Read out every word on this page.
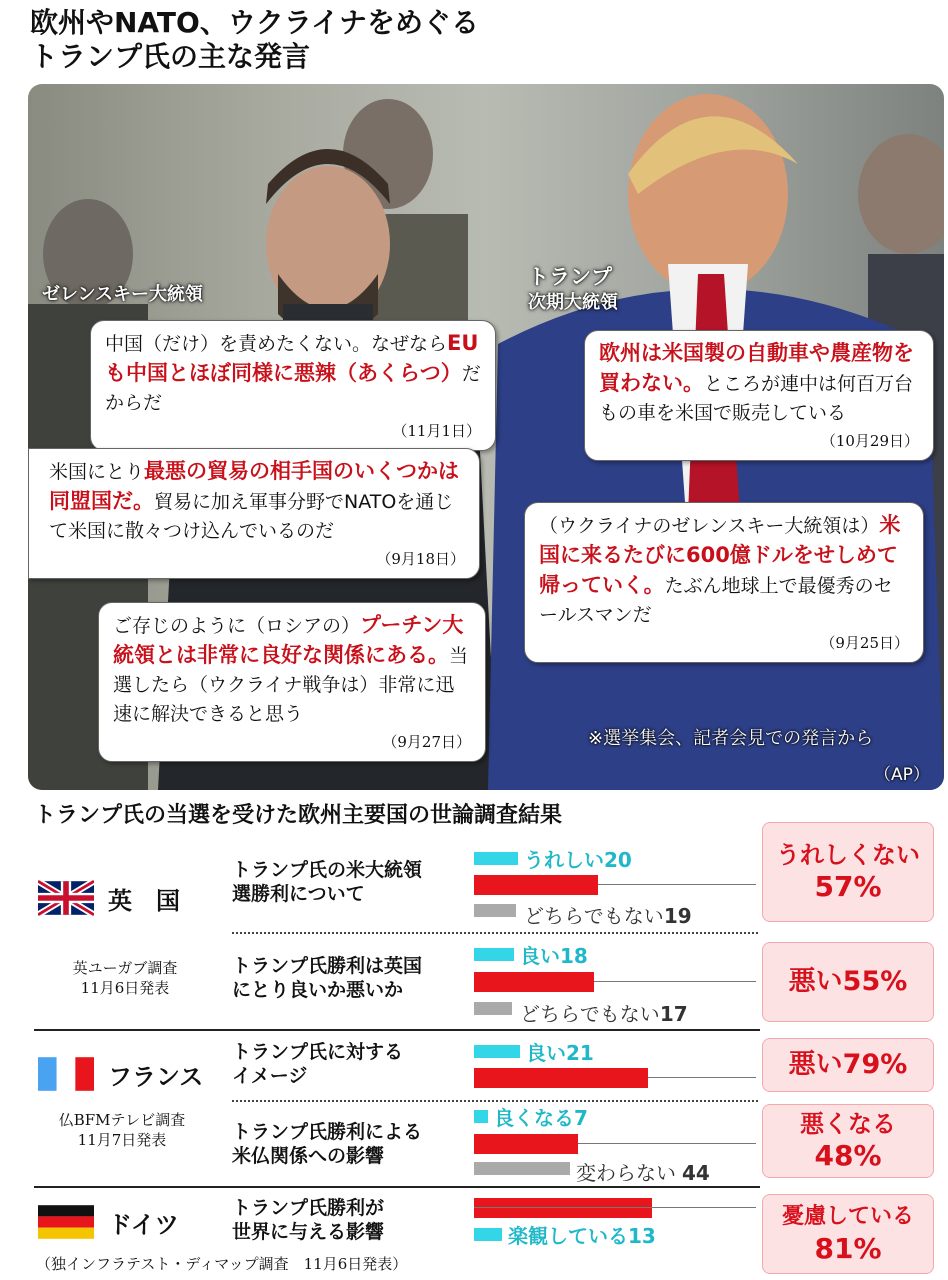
欧州やNATO、ウクライナをめぐる
トランプ氏の主な発言
ゼレンスキー大統領
トランプ
次期大統領
中国（だけ）を責めたくない。なぜならEUも中国とほぼ同様に悪辣（あくらつ）だからだ
（11月1日）
米国にとり最悪の貿易の相手国のいくつかは同盟国だ。貿易に加え軍事分野でNATOを通じて米国に散々つけ込んでいるのだ
（9月18日）
ご存じのように（ロシアの）プーチン大統領とは非常に良好な関係にある。当選したら（ウクライナ戦争は）非常に迅速に解決できると思う
（9月27日）
欧州は米国製の自動車や農産物を買わない。ところが連中は何百万台もの車を米国で販売している
（10月29日）
（ウクライナのゼレンスキー大統領は）米国に来るたびに600億ドルをせしめて帰っていく。たぶん地球上で最優秀のセールスマンだ
（9月25日）
※選挙集会、記者会見での発言から
（AP）
トランプ氏の当選を受けた欧州主要国の世論調査結果
英　国
英ユーガブ調査
11月6日発表
トランプ氏の米大統領
選勝利について
うれしい20
どちらでもない19
うれしくない
57%
トランプ氏勝利は英国
にとり良いか悪いか
良い18
どちらでもない17
悪い55%
フランス
仏BFMテレビ調査
11月7日発表
トランプ氏に対する
イメージ
良い21	悪い79%
トランプ氏勝利による
米仏関係への影響
良くなる7
変わらない 44
悪くなる
48%
ドイツ
（独インフラテスト・ディマップ調査　11月6日発表）
トランプ氏勝利が
世界に与える影響	楽観している13
憂慮している
81%
